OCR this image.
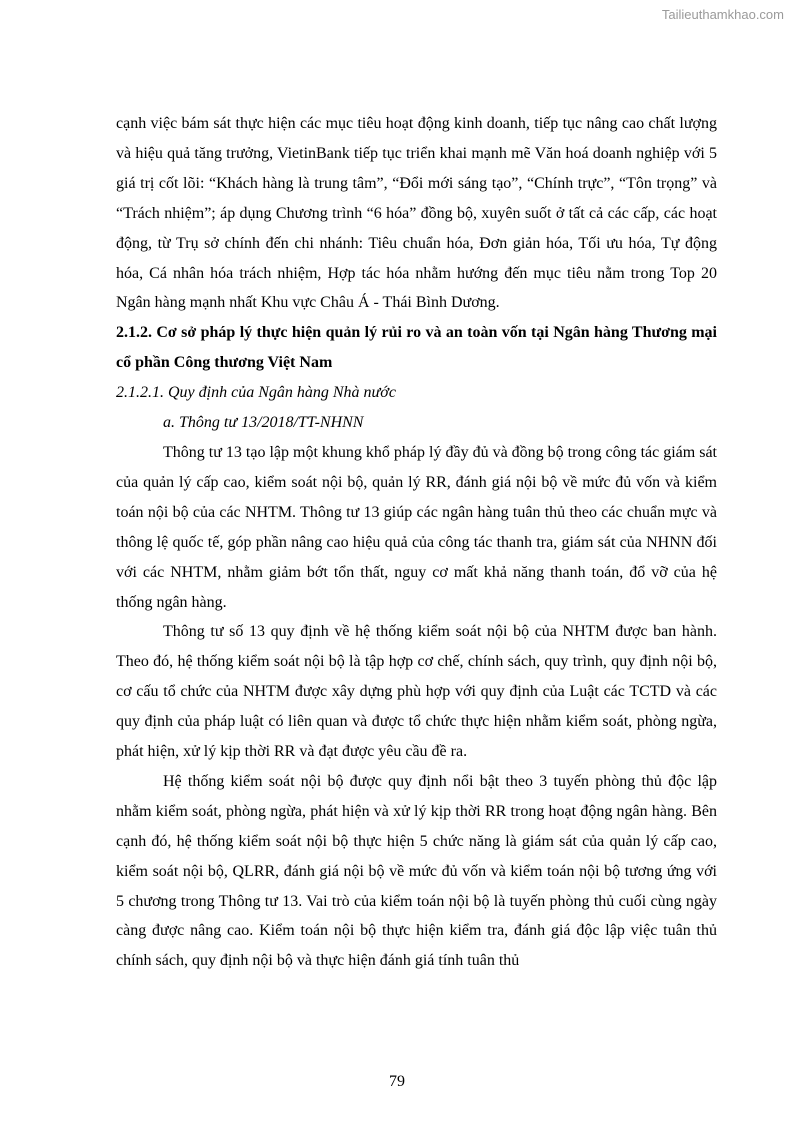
Tailieuthamkhao.com

cạnh việc bám sát thực hiện các mục tiêu hoạt động kinh doanh, tiếp tục nâng cao chất lượng và hiệu quả tăng trưởng, VietinBank tiếp tục triển khai mạnh mẽ Văn hoá doanh nghiệp với 5 giá trị cốt lõi: “Khách hàng là trung tâm”, “Đổi mới sáng tạo”, “Chính trực”, “Tôn trọng” và “Trách nhiệm”; áp dụng Chương trình “6 hóa” đồng bộ, xuyên suốt ở tất cả các cấp, các hoạt động, từ Trụ sở chính đến chi nhánh: Tiêu chuẩn hóa, Đơn giản hóa, Tối ưu hóa, Tự động hóa, Cá nhân hóa trách nhiệm, Hợp tác hóa nhằm hướng đến mục tiêu nằm trong Top 20 Ngân hàng mạnh nhất Khu vực Châu Á - Thái Bình Dương.

2.1.2. Cơ sở pháp lý thực hiện quản lý rủi ro và an toàn vốn tại Ngân hàng Thương mại cổ phần Công thương Việt Nam

2.1.2.1. Quy định của Ngân hàng Nhà nước

a. Thông tư 13/2018/TT-NHNN

Thông tư 13 tạo lập một khung khổ pháp lý đầy đủ và đồng bộ trong công tác giám sát của quản lý cấp cao, kiểm soát nội bộ, quản lý RR, đánh giá nội bộ về mức đủ vốn và kiểm toán nội bộ của các NHTM. Thông tư 13 giúp các ngân hàng tuân thủ theo các chuẩn mực và thông lệ quốc tế, góp phần nâng cao hiệu quả của công tác thanh tra, giám sát của NHNN đối với các NHTM, nhằm giảm bớt tổn thất, nguy cơ mất khả năng thanh toán, đổ vỡ của hệ thống ngân hàng.

Thông tư số 13 quy định về hệ thống kiểm soát nội bộ của NHTM được ban hành. Theo đó, hệ thống kiểm soát nội bộ là tập hợp cơ chế, chính sách, quy trình, quy định nội bộ, cơ cấu tổ chức của NHTM được xây dựng phù hợp với quy định của Luật các TCTD và các quy định của pháp luật có liên quan và được tổ chức thực hiện nhằm kiểm soát, phòng ngừa, phát hiện, xử lý kịp thời RR và đạt được yêu cầu đề ra.

Hệ thống kiểm soát nội bộ được quy định nổi bật theo 3 tuyến phòng thủ độc lập nhằm kiểm soát, phòng ngừa, phát hiện và xử lý kịp thời RR trong hoạt động ngân hàng. Bên cạnh đó, hệ thống kiểm soát nội bộ thực hiện 5 chức năng là giám sát của quản lý cấp cao, kiểm soát nội bộ, QLRR, đánh giá nội bộ về mức đủ vốn và kiểm toán nội bộ tương ứng với 5 chương trong Thông tư 13. Vai trò của kiểm toán nội bộ là tuyến phòng thủ cuối cùng ngày càng được nâng cao. Kiểm toán nội bộ thực hiện kiểm tra, đánh giá độc lập việc tuân thủ chính sách, quy định nội bộ và thực hiện đánh giá tính tuân thủ

79
